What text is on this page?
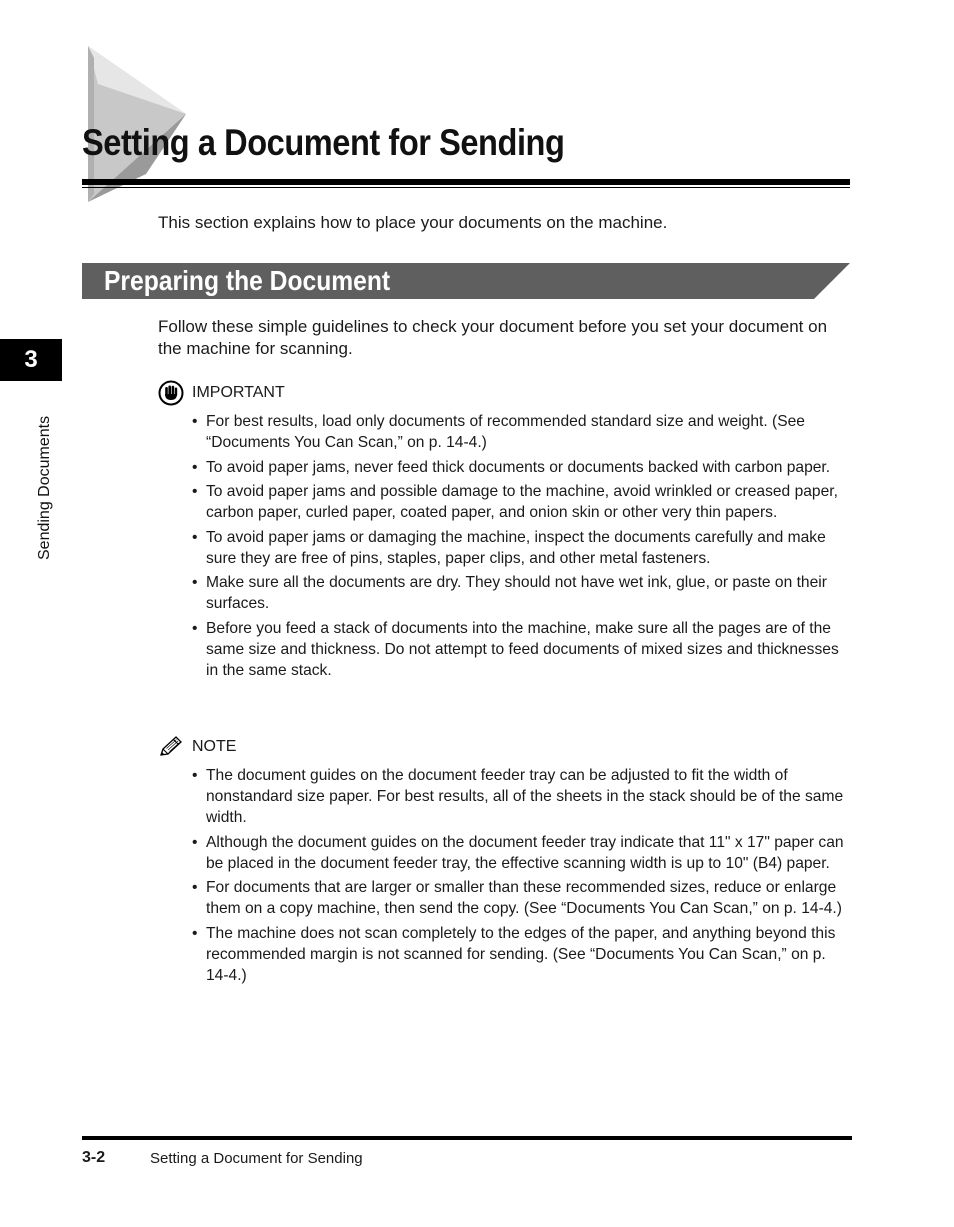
Setting a Document for Sending
This section explains how to place your documents on the machine.
Preparing the Document
Follow these simple guidelines to check your document before you set your document on the machine for scanning.
3
Sending Documents
IMPORTANT
• For best results, load only documents of recommended standard size and weight. (See “Documents You Can Scan,” on p. 14-4.)
• To avoid paper jams, never feed thick documents or documents backed with carbon paper.
• To avoid paper jams and possible damage to the machine, avoid wrinkled or creased paper, carbon paper, curled paper, coated paper, and onion skin or other very thin papers.
• To avoid paper jams or damaging the machine, inspect the documents carefully and make sure they are free of pins, staples, paper clips, and other metal fasteners.
• Make sure all the documents are dry. They should not have wet ink, glue, or paste on their surfaces.
• Before you feed a stack of documents into the machine, make sure all the pages are of the same size and thickness. Do not attempt to feed documents of mixed sizes and thicknesses in the same stack.
NOTE
• The document guides on the document feeder tray can be adjusted to fit the width of nonstandard size paper. For best results, all of the sheets in the stack should be of the same width.
• Although the document guides on the document feeder tray indicate that 11" x 17" paper can be placed in the document feeder tray, the effective scanning width is up to 10" (B4) paper.
• For documents that are larger or smaller than these recommended sizes, reduce or enlarge them on a copy machine, then send the copy. (See “Documents You Can Scan,” on p. 14-4.)
• The machine does not scan completely to the edges of the paper, and anything beyond this recommended margin is not scanned for sending. (See “Documents You Can Scan,” on p. 14-4.)
3-2	Setting a Document for Sending
